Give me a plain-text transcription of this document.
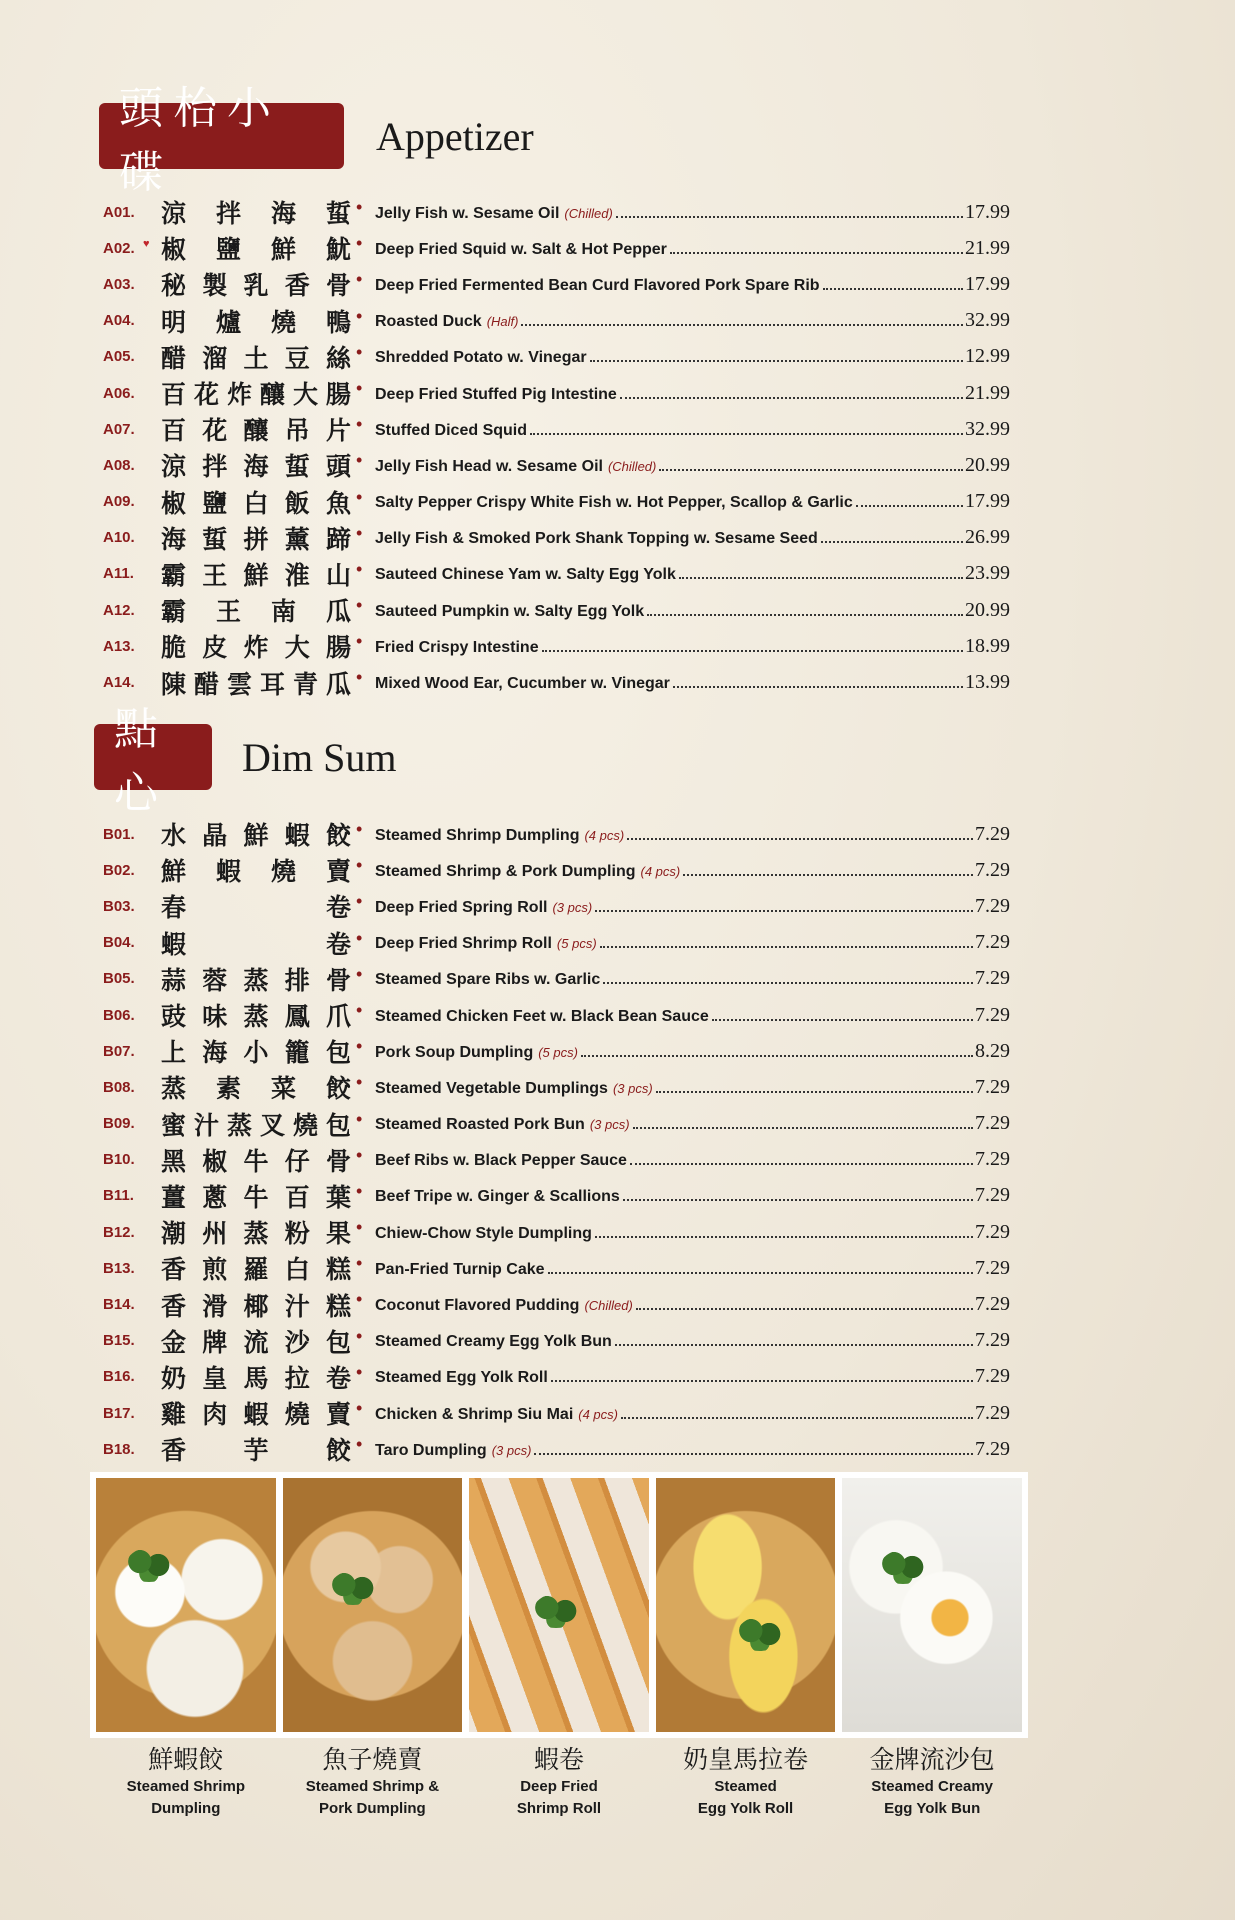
頭枱小碟
Appetizer
A01.	涼 拌 海 蜇 • Jelly Fish w. Sesame Oil (Chilled)	17.99
A02. ♥ 椒 鹽 鮮 魷 • Deep Fried Squid w. Salt & Hot Pepper	21.99
A03.	秘 製 乳 香 骨 • Deep Fried Fermented Bean Curd Flavored Pork Spare Rib	17.99
A04.	明 爐 燒 鴨 • Roasted Duck (Half)	32.99
A05.	醋 溜 土 豆 絲 • Shredded Potato w. Vinegar	12.99
A06.	百 花 炸 釀 大 腸 • Deep Fried Stuffed Pig Intestine	21.99
A07.	百 花 釀 吊 片 • Stuffed Diced Squid	32.99
A08.	涼 拌 海 蜇 頭 • Jelly Fish Head w. Sesame Oil (Chilled)	20.99
A09.	椒 鹽 白 飯 魚 • Salty Pepper Crispy White Fish w. Hot Pepper, Scallop & Garlic	17.99
A10.	海 蜇 拼 薰 蹄 • Jelly Fish & Smoked Pork Shank Topping w. Sesame Seed	26.99
A11.	霸 王 鮮 淮 山 • Sauteed Chinese Yam w. Salty Egg Yolk	23.99
A12.	霸 王 南 瓜 • Sauteed Pumpkin w. Salty Egg Yolk	20.99
A13.	脆 皮 炸 大 腸 • Fried Crispy Intestine	18.99
A14.	陳 醋 雲 耳 青 瓜 • Mixed Wood Ear, Cucumber w. Vinegar	13.99
點心
Dim Sum
B01.	水 晶 鮮 蝦 餃 • Steamed Shrimp Dumpling (4 pcs)	7.29
B02.	鮮 蝦 燒 賣 • Steamed Shrimp & Pork Dumpling (4 pcs)	7.29
B03.	春	卷 • Deep Fried Spring Roll (3 pcs)	7.29
B04.	蝦	卷 • Deep Fried Shrimp Roll (5 pcs)	7.29
B05.	蒜 蓉 蒸 排 骨 • Steamed Spare Ribs w. Garlic	7.29
B06.	豉 味 蒸 鳳 爪 • Steamed Chicken Feet w. Black Bean Sauce	7.29
B07.	上 海 小 籠 包 • Pork Soup Dumpling (5 pcs)	8.29
B08.	蒸 素 菜 餃 • Steamed Vegetable Dumplings (3 pcs)	7.29
B09.	蜜 汁 蒸 叉 燒 包 • Steamed Roasted Pork Bun (3 pcs)	7.29
B10.	黑 椒 牛 仔 骨 • Beef Ribs w. Black Pepper Sauce	7.29
B11.	薑 蔥 牛 百 葉 • Beef Tripe w. Ginger & Scallions	7.29
B12.	潮 州 蒸 粉 果 • Chiew-Chow Style Dumpling	7.29
B13.	香 煎 羅 白 糕 • Pan-Fried Turnip Cake	7.29
B14.	香 滑 椰 汁 糕 • Coconut Flavored Pudding (Chilled)	7.29
B15.	金 牌 流 沙 包 • Steamed Creamy Egg Yolk Bun	7.29
B16.	奶 皇 馬 拉 卷 • Steamed Egg Yolk Roll	7.29
B17.	雞 肉 蝦 燒 賣 • Chicken & Shrimp Siu Mai (4 pcs)	7.29
B18.	香 芋 餃 • Taro Dumpling (3 pcs)	7.29
鮮蝦餃
Steamed Shrimp
Dumpling
魚子燒賣
Steamed Shrimp &
Pork Dumpling
蝦卷
Deep Fried
Shrimp Roll
奶皇馬拉卷
Steamed
Egg Yolk Roll
金牌流沙包
Steamed Creamy
Egg Yolk Bun
